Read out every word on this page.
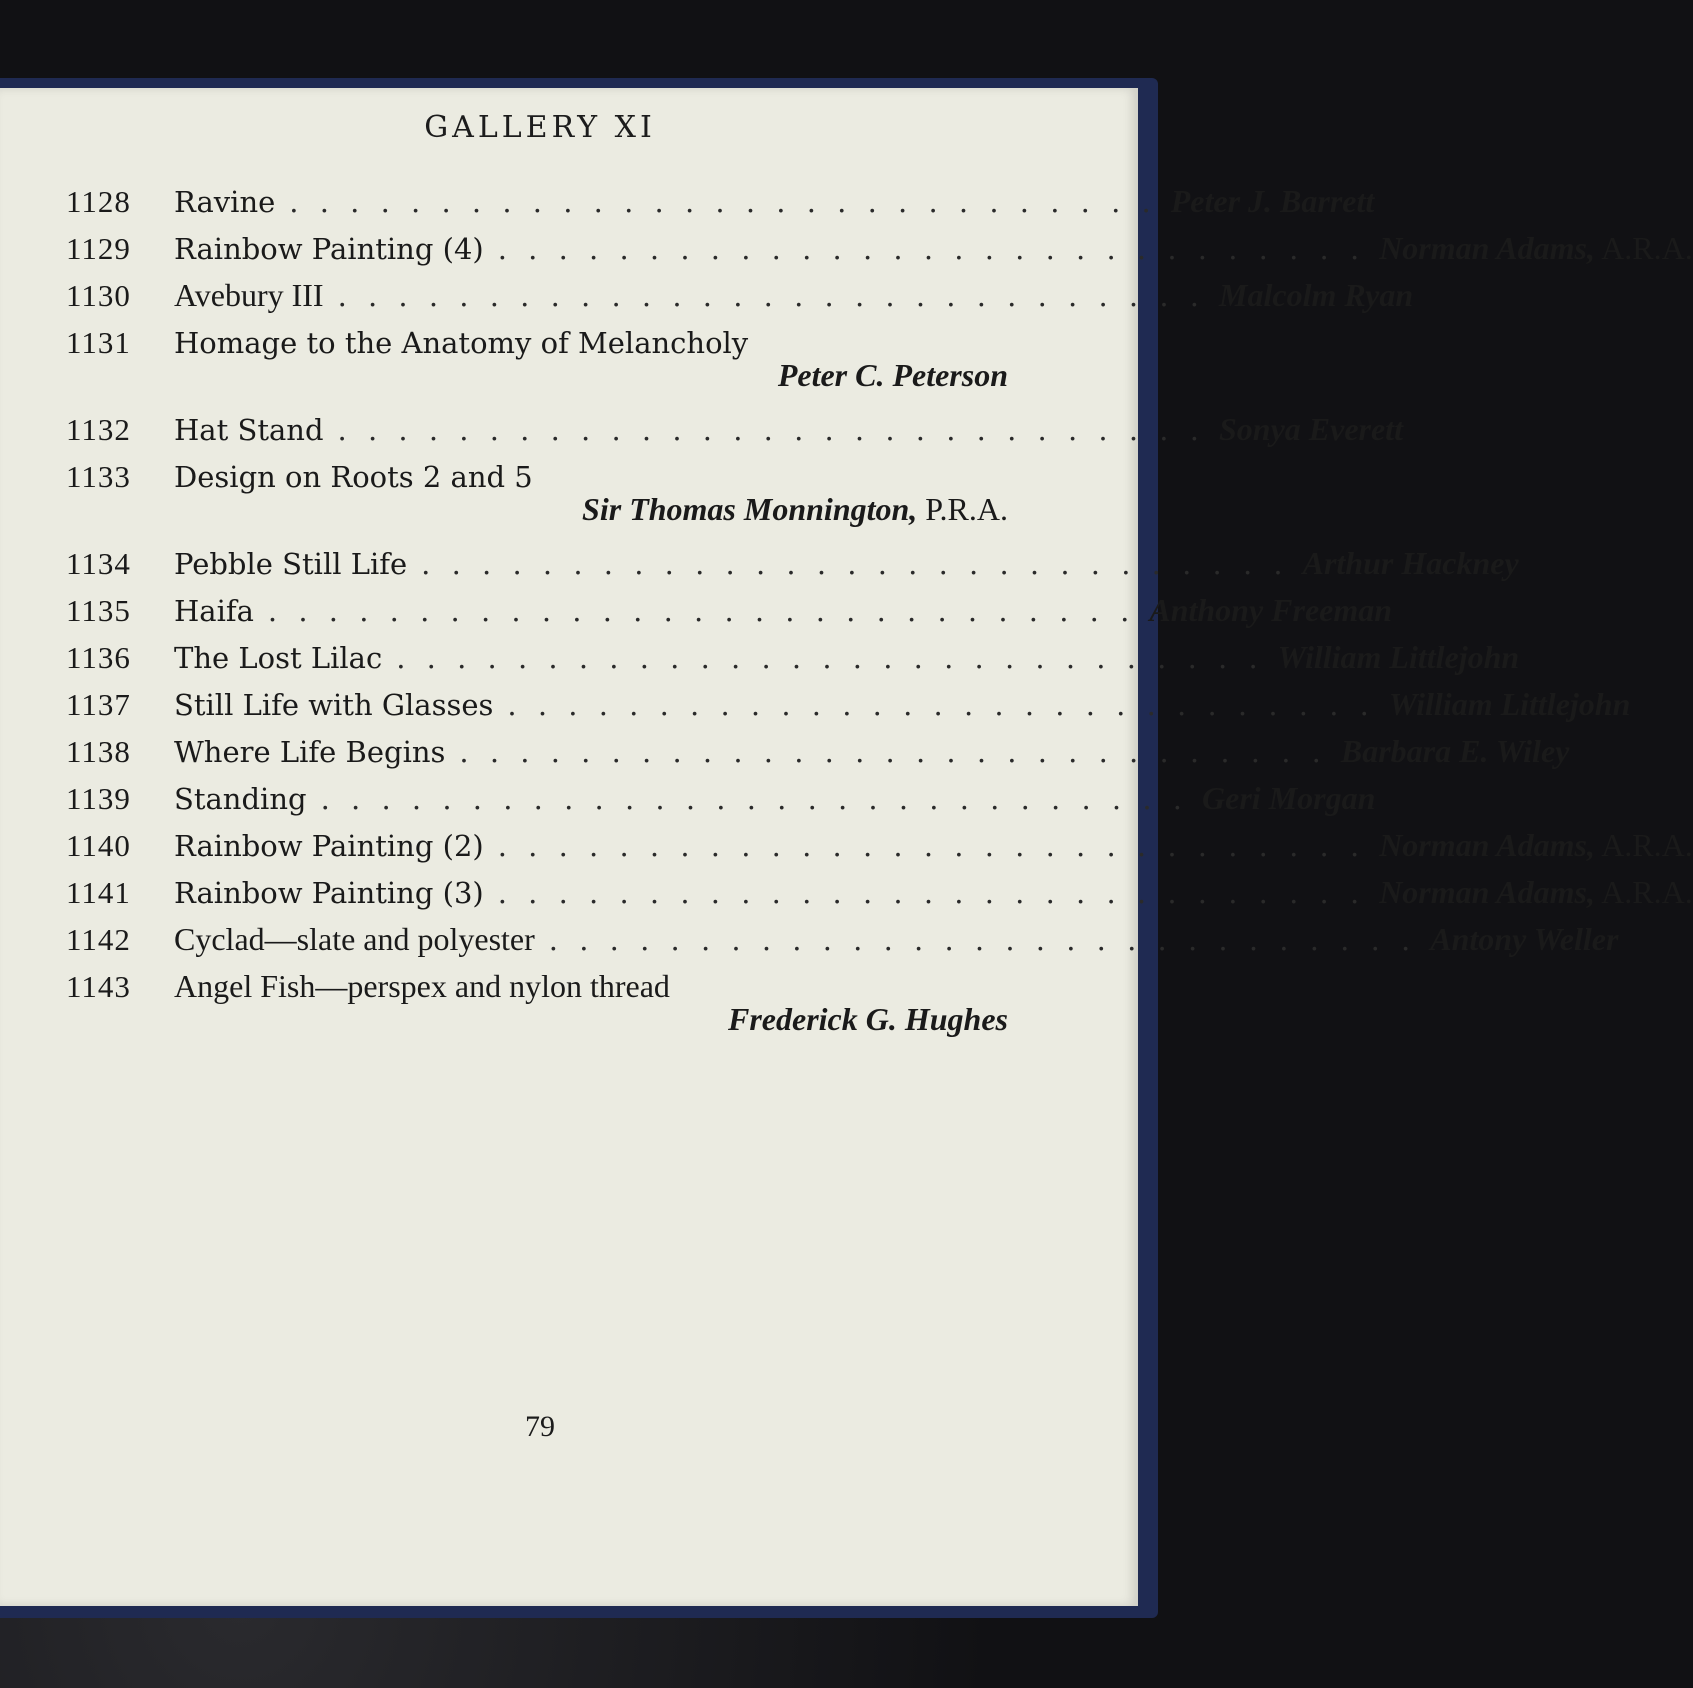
GALLERY XI
1128	Ravine . . . . . . . . . . . . . . . . . . . . . . . . . . . . . Peter J. Barrett
1129	Rainbow Painting (4) . . . . . . . . . . . . . . . . . . . . . . . . . . . . . Norman Adams, A.R.A.
1130	Avebury III . . . . . . . . . . . . . . . . . . . . . . . . . . . . . Malcolm Ryan
1131	Homage to the Anatomy of Melancholy
Peter C. Peterson
1132	Hat Stand . . . . . . . . . . . . . . . . . . . . . . . . . . . . . Sonya Everett
1133	Design on Roots 2 and 5
Sir Thomas Monnington, P.R.A.
1134	Pebble Still Life . . . . . . . . . . . . . . . . . . . . . . . . . . . . . Arthur Hackney
1135	Haifa . . . . . . . . . . . . . . . . . . . . . . . . . . . . . Anthony Freeman
1136	The Lost Lilac . . . . . . . . . . . . . . . . . . . . . . . . . . . . . William Littlejohn
1137	Still Life with Glasses . . . . . . . . . . . . . . . . . . . . . . . . . . . . . William Littlejohn
1138	Where Life Begins . . . . . . . . . . . . . . . . . . . . . . . . . . . . . Barbara E. Wiley
1139	Standing . . . . . . . . . . . . . . . . . . . . . . . . . . . . . Geri Morgan
1140	Rainbow Painting (2) . . . . . . . . . . . . . . . . . . . . . . . . . . . . . Norman Adams, A.R.A.
1141	Rainbow Painting (3) . . . . . . . . . . . . . . . . . . . . . . . . . . . . . Norman Adams, A.R.A.
1142	Cyclad—slate and polyester . . . . . . . . . . . . . . . . . . . . . . . . . . . . . Antony Weller
1143	Angel Fish—perspex and nylon thread
Frederick G. Hughes
79
